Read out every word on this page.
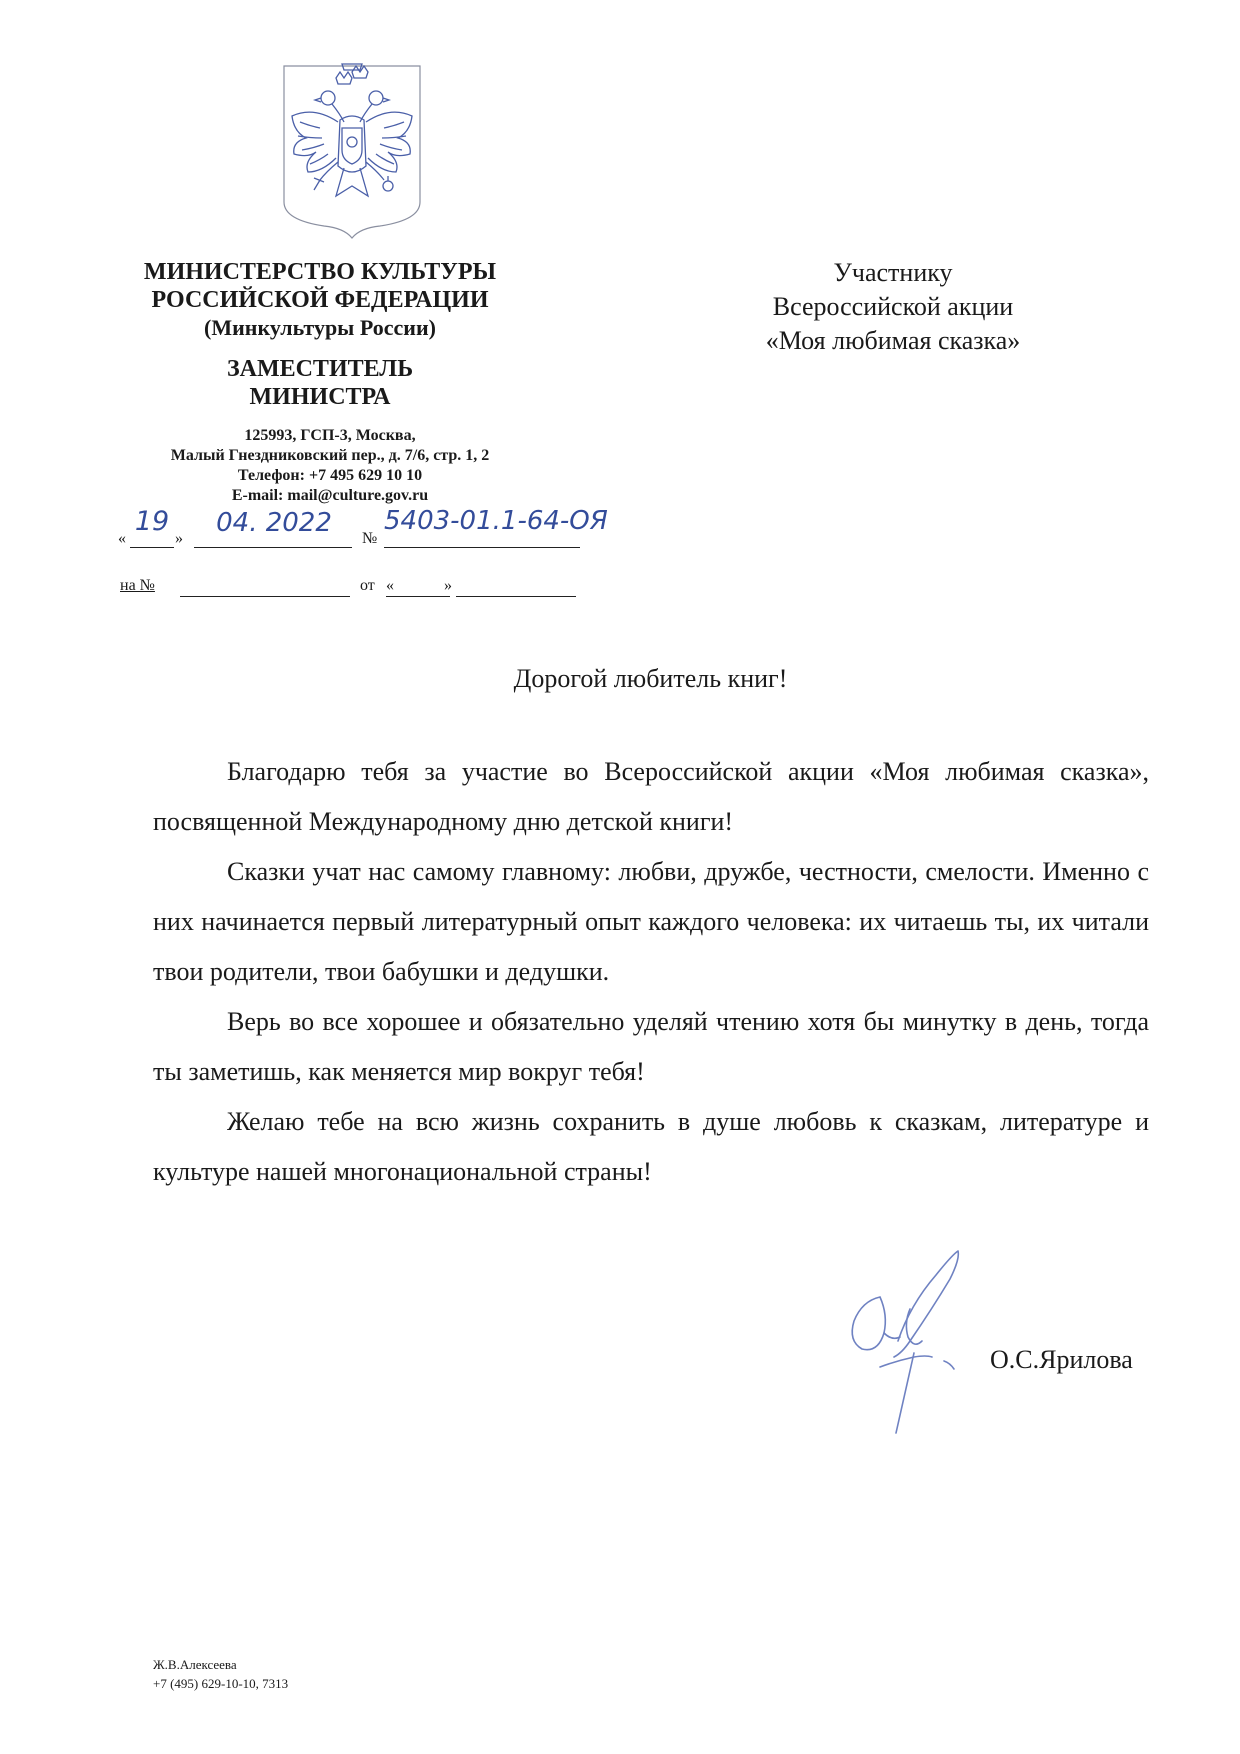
МИНИСТЕРСТВО КУЛЬТУРЫ
РОССИЙСКОЙ ФЕДЕРАЦИИ
(Минкультуры России)
ЗАМЕСТИТЕЛЬ
МИНИСТРА
125993, ГСП-3, Москва,
Малый Гнездниковский пер., д. 7/6, стр. 1, 2
Телефон: +7 495 629 10 10
E-mail: mail@culture.gov.ru
«
19
»
04. 2022
№
5403-01.1-64-ОЯ
на №	от «	»
Участнику
Всероссийской акции
«Моя любимая сказка»
Дорогой любитель книг!

Благодарю тебя за участие во Всероссийской акции «Моя любимая сказка», посвященной Международному дню детской книги!

Сказки учат нас самому главному: любви, дружбе, честности, смелости. Именно с них начинается первый литературный опыт каждого человека: их читаешь ты, их читали твои родители, твои бабушки и дедушки.

Верь во все хорошее и обязательно уделяй чтению хотя бы минутку в день, тогда ты заметишь, как меняется мир вокруг тебя!

Желаю тебе на всю жизнь сохранить в душе любовь к сказкам, литературе и культуре нашей многонациональной страны!

О.С.Ярилова
Ж.В.Алексеева
+7 (495) 629-10-10, 7313
